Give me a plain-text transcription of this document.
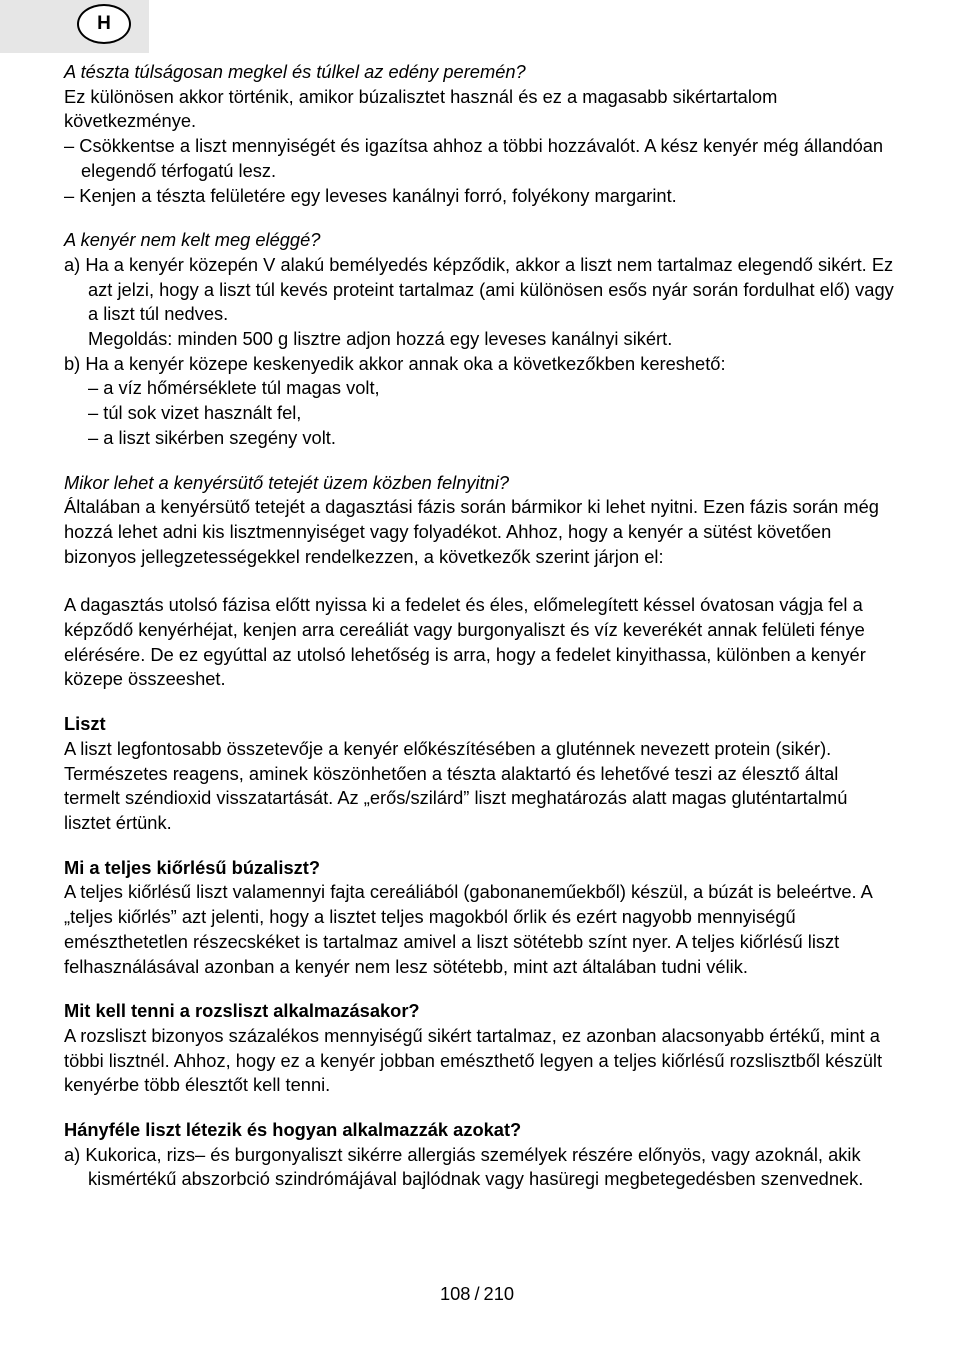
H

A tészta túlságosan megkel és túlkel az edény peremén?

Ez különösen akkor történik, amikor búzalisztet használ és ez a magasabb sikértartalom következménye.

– Csökkentse a liszt mennyiségét és igazítsa ahhoz a többi hozzávalót. A kész kenyér még állandóan elegendő térfogatú lesz.

– Kenjen a tészta felületére egy leveses kanálnyi forró, folyékony margarint.

A kenyér nem kelt meg eléggé?

a) Ha a kenyér közepén V alakú bemélyedés képződik, akkor a liszt nem tartalmaz elegendő sikért. Ez azt jelzi, hogy a liszt túl kevés proteint tartalmaz (ami különösen esős nyár során fordulhat elő) vagy a liszt túl nedves.

Megoldás: minden 500 g lisztre adjon hozzá egy leveses kanálnyi sikért.

b) Ha a kenyér közepe keskenyedik akkor annak oka a következőkben kereshető:

– a víz hőmérséklete túl magas volt,

– túl sok vizet használt fel,

– a liszt sikérben szegény volt.

Mikor lehet a kenyérsütő tetejét üzem közben felnyitni?

Általában a kenyérsütő tetejét a dagasztási fázis során bármikor ki lehet nyitni. Ezen fázis során még hozzá lehet adni kis lisztmennyiséget vagy folyadékot. Ahhoz, hogy a kenyér a sütést követően bizonyos jellegzetességekkel rendelkezzen, a következők szerint járjon el:

A dagasztás utolsó fázisa előtt nyissa ki a fedelet és éles, előmelegített késsel óvatosan vágja fel a képződő kenyérhéjat, kenjen arra cereáliát vagy burgonyaliszt és víz keverékét annak felületi fénye elérésére. De ez egyúttal az utolsó lehetőség is arra, hogy a fedelet kinyithassa, különben a kenyér közepe összeeshet.

Liszt

A liszt legfontosabb összetevője a kenyér előkészítésében a gluténnek nevezett protein (sikér). Természetes reagens, aminek köszönhetően a tészta alaktartó és lehetővé teszi az élesztő által termelt széndioxid visszatartását. Az „erős/szilárd” liszt meghatározás alatt magas gluténtartalmú lisztet értünk.

Mi a teljes kiőrlésű búzaliszt?

A teljes kiőrlésű liszt valamennyi fajta cereáliából (gabonaneműekből) készül, a búzát is beleértve. A „teljes kiőrlés” azt jelenti, hogy a lisztet teljes magokból őrlik és ezért nagyobb mennyiségű emészthetetlen részecskéket is tartalmaz amivel a liszt sötétebb színt nyer. A teljes kiőrlésű liszt felhasználásával azonban a kenyér nem lesz sötétebb, mint azt általában tudni vélik.

Mit kell tenni a rozsliszt alkalmazásakor?

A rozsliszt bizonyos százalékos mennyiségű sikért tartalmaz, ez azonban alacsonyabb értékű, mint a többi lisztnél. Ahhoz, hogy ez a kenyér jobban emészthető legyen a teljes kiőrlésű rozslisztből készült kenyérbe több élesztőt kell tenni.

Hányféle liszt létezik és hogyan alkalmazzák azokat?

a) Kukorica, rizs– és burgonyaliszt sikérre allergiás személyek részére előnyös, vagy azoknál, akik kismértékű abszorbció szindrómájával bajlódnak vagy hasüregi megbetegedésben szenvednek.

108 / 210
